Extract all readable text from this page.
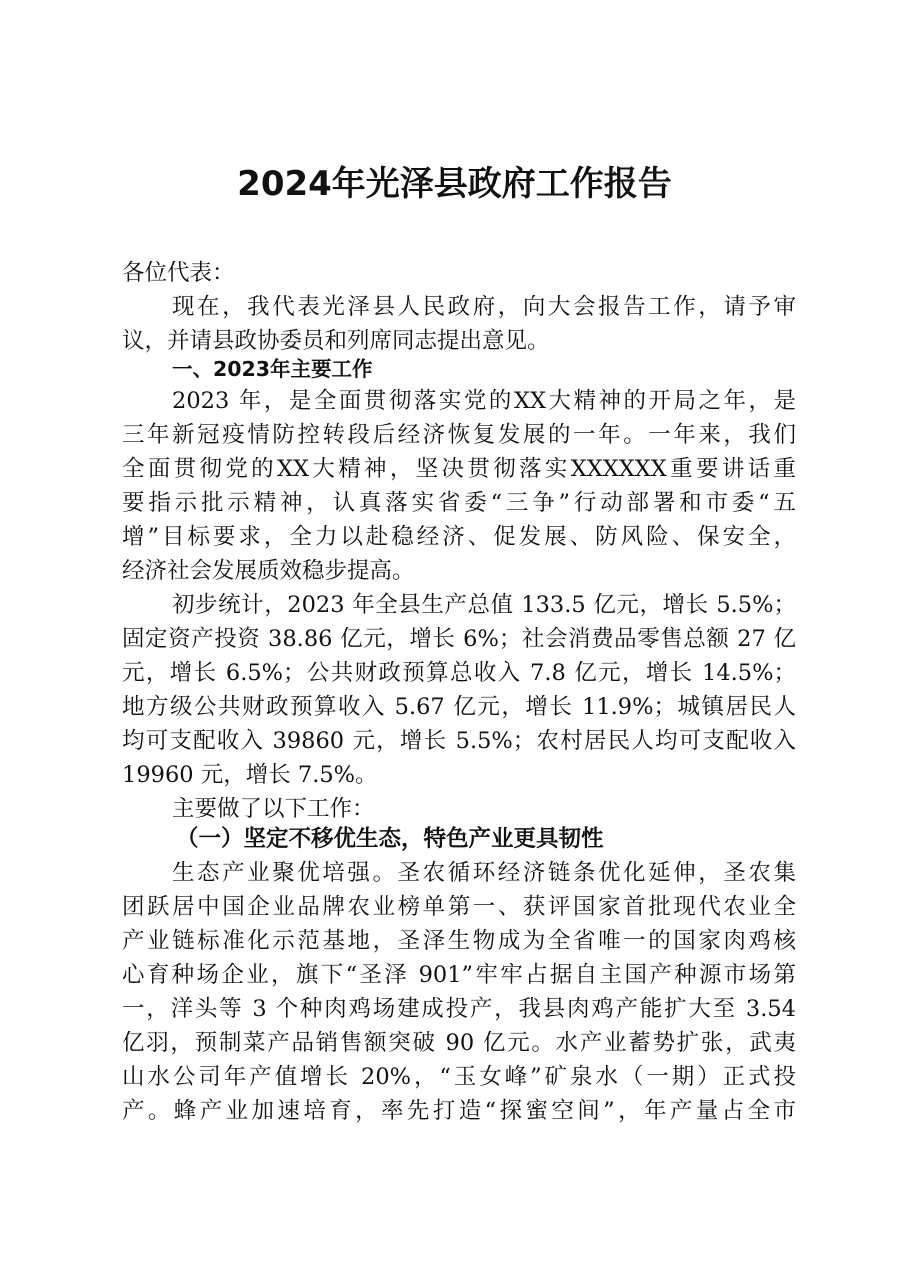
2024年光泽县政府工作报告
各位代表：
现在，我代表光泽县人民政府，向大会报告工作，请予审
议，并请县政协委员和列席同志提出意见。
一、2023年主要工作
2023 年，是全面贯彻落实党的XX大精神的开局之年，是
三年新冠疫情防控转段后经济恢复发展的一年。一年来，我们
全面贯彻党的XX大精神，坚决贯彻落实XXXXXX重要讲话重
要指示批示精神，认真落实省委“三争”行动部署和市委“五
增”目标要求，全力以赴稳经济、促发展、防风险、保安全，
经济社会发展质效稳步提高。
初步统计，2023 年全县生产总值 133.5 亿元，增长 5.5%；
固定资产投资 38.86 亿元，增长 6%；社会消费品零售总额 27 亿
元，增长 6.5%；公共财政预算总收入 7.8 亿元，增长 14.5%；
地方级公共财政预算收入 5.67 亿元，增长 11.9%；城镇居民人
均可支配收入 39860 元，增长 5.5%；农村居民人均可支配收入
19960 元，增长 7.5%。
主要做了以下工作：
（一）坚定不移优生态，特色产业更具韧性
生态产业聚优培强。圣农循环经济链条优化延伸，圣农集
团跃居中国企业品牌农业榜单第一、获评国家首批现代农业全
产业链标准化示范基地，圣泽生物成为全省唯一的国家肉鸡核
心育种场企业，旗下“圣泽 901”牢牢占据自主国产种源市场第
一，洋头等 3 个种肉鸡场建成投产，我县肉鸡产能扩大至 3.54
亿羽，预制菜产品销售额突破 90 亿元。水产业蓄势扩张，武夷
山水公司年产值增长 20%，“玉女峰”矿泉水（一期）正式投
产。蜂产业加速培育，率先打造“探蜜空间”，年产量占全市
